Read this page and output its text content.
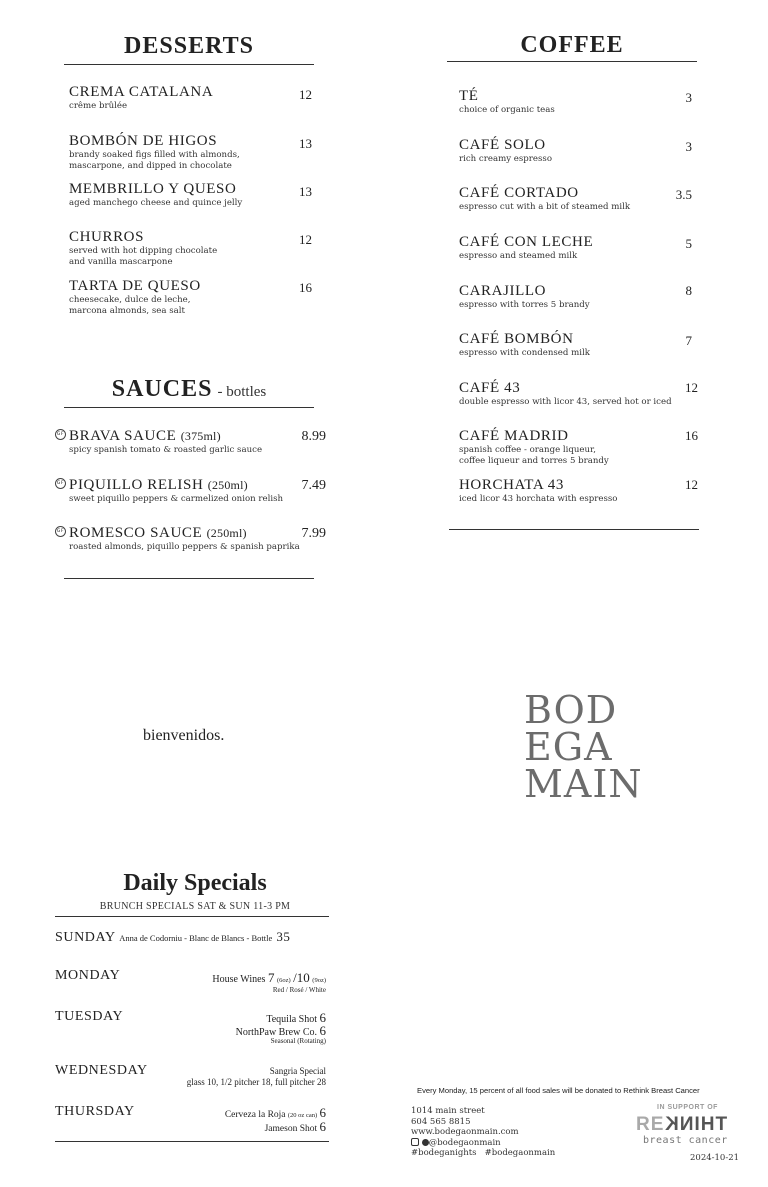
DESSERTS
CREMA CATALANA
crême brûlée
12
BOMBÓN DE HIGOS
brandy soaked figs filled with almonds,
mascarpone, and dipped in chocolate
13
MEMBRILLO Y QUESO
aged manchego cheese and quince jelly
13
CHURROS
served with hot dipping chocolate
and vanilla mascarpone
12
TARTA DE QUESO
cheesecake, dulce de leche,
marcona almonds, sea salt
16
SAUCES - bottles
GF BRAVA SAUCE (375ml)
spicy spanish tomato & roasted garlic sauce
8.99
GF PIQUILLO RELISH (250ml)
sweet piquillo peppers & carmelized onion relish
7.49
GF ROMESCO SAUCE (250ml)
roasted almonds, piquillo peppers & spanish paprika
7.99
COFFEE
TÉ
choice of organic teas
3
CAFÉ SOLO
rich creamy espresso
3
CAFÉ CORTADO
espresso cut with a bit of steamed milk
3.5
CAFÉ CON LECHE
espresso and steamed milk
5
CARAJILLO
espresso with torres 5 brandy
8
CAFÉ BOMBÓN
espresso with condensed milk
7
CAFÉ 43
double espresso with licor 43, served hot or iced
12
CAFÉ MADRID
spanish coffee - orange liqueur,
coffee liqueur and torres 5 brandy
16
HORCHATA 43
iced licor 43 horchata with espresso
12
bienvenidos.
BOD
EGA
MAIN
Daily Specials
BRUNCH SPECIALS SAT & SUN 11-3 PM
SUNDAY Anna de Codorniu - Blanc de Blancs - Bottle 35
MONDAY	House Wines 7 (6oz) /10 (9oz)
Red / Rosé / White
TUESDAY	Tequila Shot 6
NorthPaw Brew Co. 6
Seasonal (Rotating)
WEDNESDAY	Sangria Special
glass 10, 1/2 pitcher 18, full pitcher 28
THURSDAY	Cerveza la Roja (20 oz can) 6
Jameson Shot 6
Every Monday, 15 percent of all food sales will be donated to Rethink Breast Cancer
1014 main street
604 565 8815
www.bodegaonmain.com
@bodegaonmain
#bodeganights   #bodegaonmain
IN SUPPORT OF
RETHINK
breast cancer
2024-10-21
